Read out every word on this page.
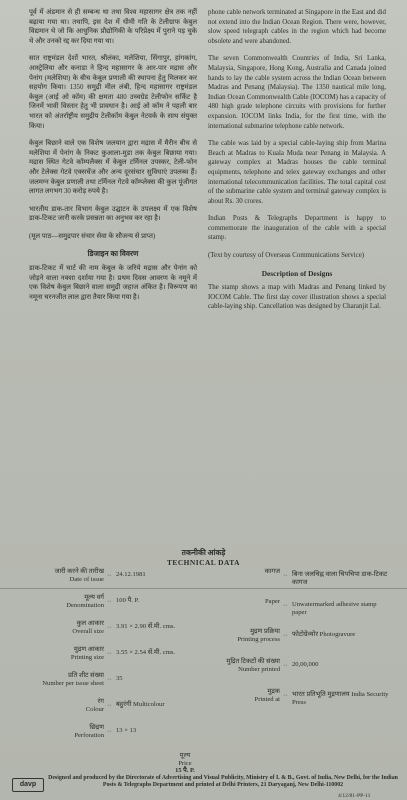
पूर्व में अंडमान से ही सम्बन्ध था तथा विश्व महासागर क्षेत्र तक नहीं बढ़ाया गया था। तथापि, इस देश में धीमी गति के टेलीग्राफ केबुल विद्यमान थे जो कि आधुनिक प्रौद्योगिकी के परिप्रेक्ष्य में पुराने पड़ चुके थे और उनको रद्द कर दिया गया था।

सात राष्ट्रमंडल देशों भारत, श्रीलंका, मलेशिया, सिंगापुर, हांगकांग, आस्ट्रेलिया और कनाडा ने हिन्द महासागर के आर-पार मद्रास और पेनांग (मलेशिया) के बीच केबुल प्रणाली की स्थापना हेतु मिलकर कर सहयोग किया। 1350 समुद्री मील लंबी, हिन्द महासागर राष्ट्रमंडल केबुल (आई ओ कॉम) की क्षमता 480 उच्चग्रेड टेलीफोन सर्किट है जिनमें भावी विस्तार हेतु भी प्रावधान है। आई ओ कॉम ने पहली बार भारत को अंतर्राष्ट्रीय समुद्रीय टेलीकॉम केबुल नेटवर्क के साथ संयुक्त किया।

केबुल बिछाने वाले एक विशेष जलयान द्वारा मद्रास में मैरीन बीच से मलेशिया में पेनांग के निकट कुआला-मुडा तक केबुल बिछाया गया। मद्रास स्थित गेटवे कॉम्पलैक्स में केबुल टर्मिनल उपस्कर, टेली-फोन और टेलेक्स गेटवे एक्सचेंज और अन्य दूरसंचार सुविधाएं उपलब्ध हैं। जलमग्न केबुल प्रणाली तथा टर्मिनल गेटवे कॉम्प्लेक्स की कुल पूंजीगत लागत लगभग 30 करोड़ रुपये है।

भारतीय डाक-तार विभाग केबुल उद्घाटन के उपलक्ष्य में एक विशेष डाक-टिकट जारी करके प्रसन्नता का अनुभव कर रहा है।

(मूल पाठ—समुद्रपार संचार सेवा के सौजन्य से प्राप्त)

डिजाइन का विवरण

डाक-टिकट में चार्ट की नाम केबुल के जरिये मद्रास और पेनांग को जोड़ने वाला नक्शा दर्शाया गया है। प्रथम दिवस आवरण के नमूने में एक विशेष केबुल बिछाने वाला समुद्री जहाज अंकित है। विरूपण का नमूना चरनजीत लाल द्वारा तैयार किया गया है।

phone cable network terminated at Singapore in the East and did not extend into the Indian Ocean Region. There were, however, slow speed telegraph cables in the region which had become obsolete and were abandoned.

The seven Commonwealth Countries of India, Sri Lanka, Malaysia, Singapore, Hong Kong, Australia and Canada joined hands to lay the cable system across the Indian Ocean between Madras and Penang (Malaysia). The 1350 nautical mile long, Indian Ocean Commonwealth Cable (IOCOM) has a capacity of 480 high grade telephone circuits with provisions for further expansion. IOCOM links India, for the first time, with the international submarine telephone cable network.

The cable was laid by a special cable-laying ship from Marina Beach at Madras to Kuala Muda near Penang in Malaysia. A gateway complex at Madras houses the cable terminal equipments, telephone and telex gateway exchanges and other international telecommunication facilities. The total capital cost of the submarine cable system and terminal gateway complex is about Rs. 30 crores.

Indian Posts & Telegraphs Department is happy to commemorate the inauguration of the cable with a special stamp.

(Text by courtesy of Overseas Communications Service)

Description of Designs

The stamp shows a map with Madras and Penang linked by IOCOM Cable. The first day cover illustration shows a special cable-laying ship. Cancellation was designed by Charanjit Lal.

तकनीकी आंकड़े
TECHNICAL DATA
जारी करने की तारीख
Date of issue
·· 24.12.1981
मूल्य वर्ग
Denomination
·· 100 पै. P.
कुल आकार
Overall size
·· 3.91 × 2.90 सें.मी. cms.
मुद्रण आकार
Printing size
·· 3.55 × 2.54 सें.मी. cms.
प्रति शीट संख्या
Number per issue sheet
·· 35
रंग
Colour
·· बहुरंगी Multicolour
छिद्रण
Perforation
·· 13 × 13
कागज
·· बिना जलचिह्न वाला चिपचिपा डाक-टिकट कागज
Paper
·· Unwatermarked adhesive stamp paper
मुद्रण प्रक्रिया
Printing process
·· फोटोग्रेव्योर Photogravure
मुद्रित टिकटों की संख्या
Number printed
·· 20,00,000
मुद्रक
Printed at
·· भारत प्रतिभूति मुद्रणालय India Security Press
मूल्य
Price
15 पै. P.
davp
Designed and produced by the Directorate of Advertising and Visual Publicity, Ministry of I. & B., Govt. of India, New Delhi, for the Indian Posts & Telegraphs Department and printed at Delhi Printers, 21 Daryaganj, New Delhi-110002
4/12/81-PP-11
